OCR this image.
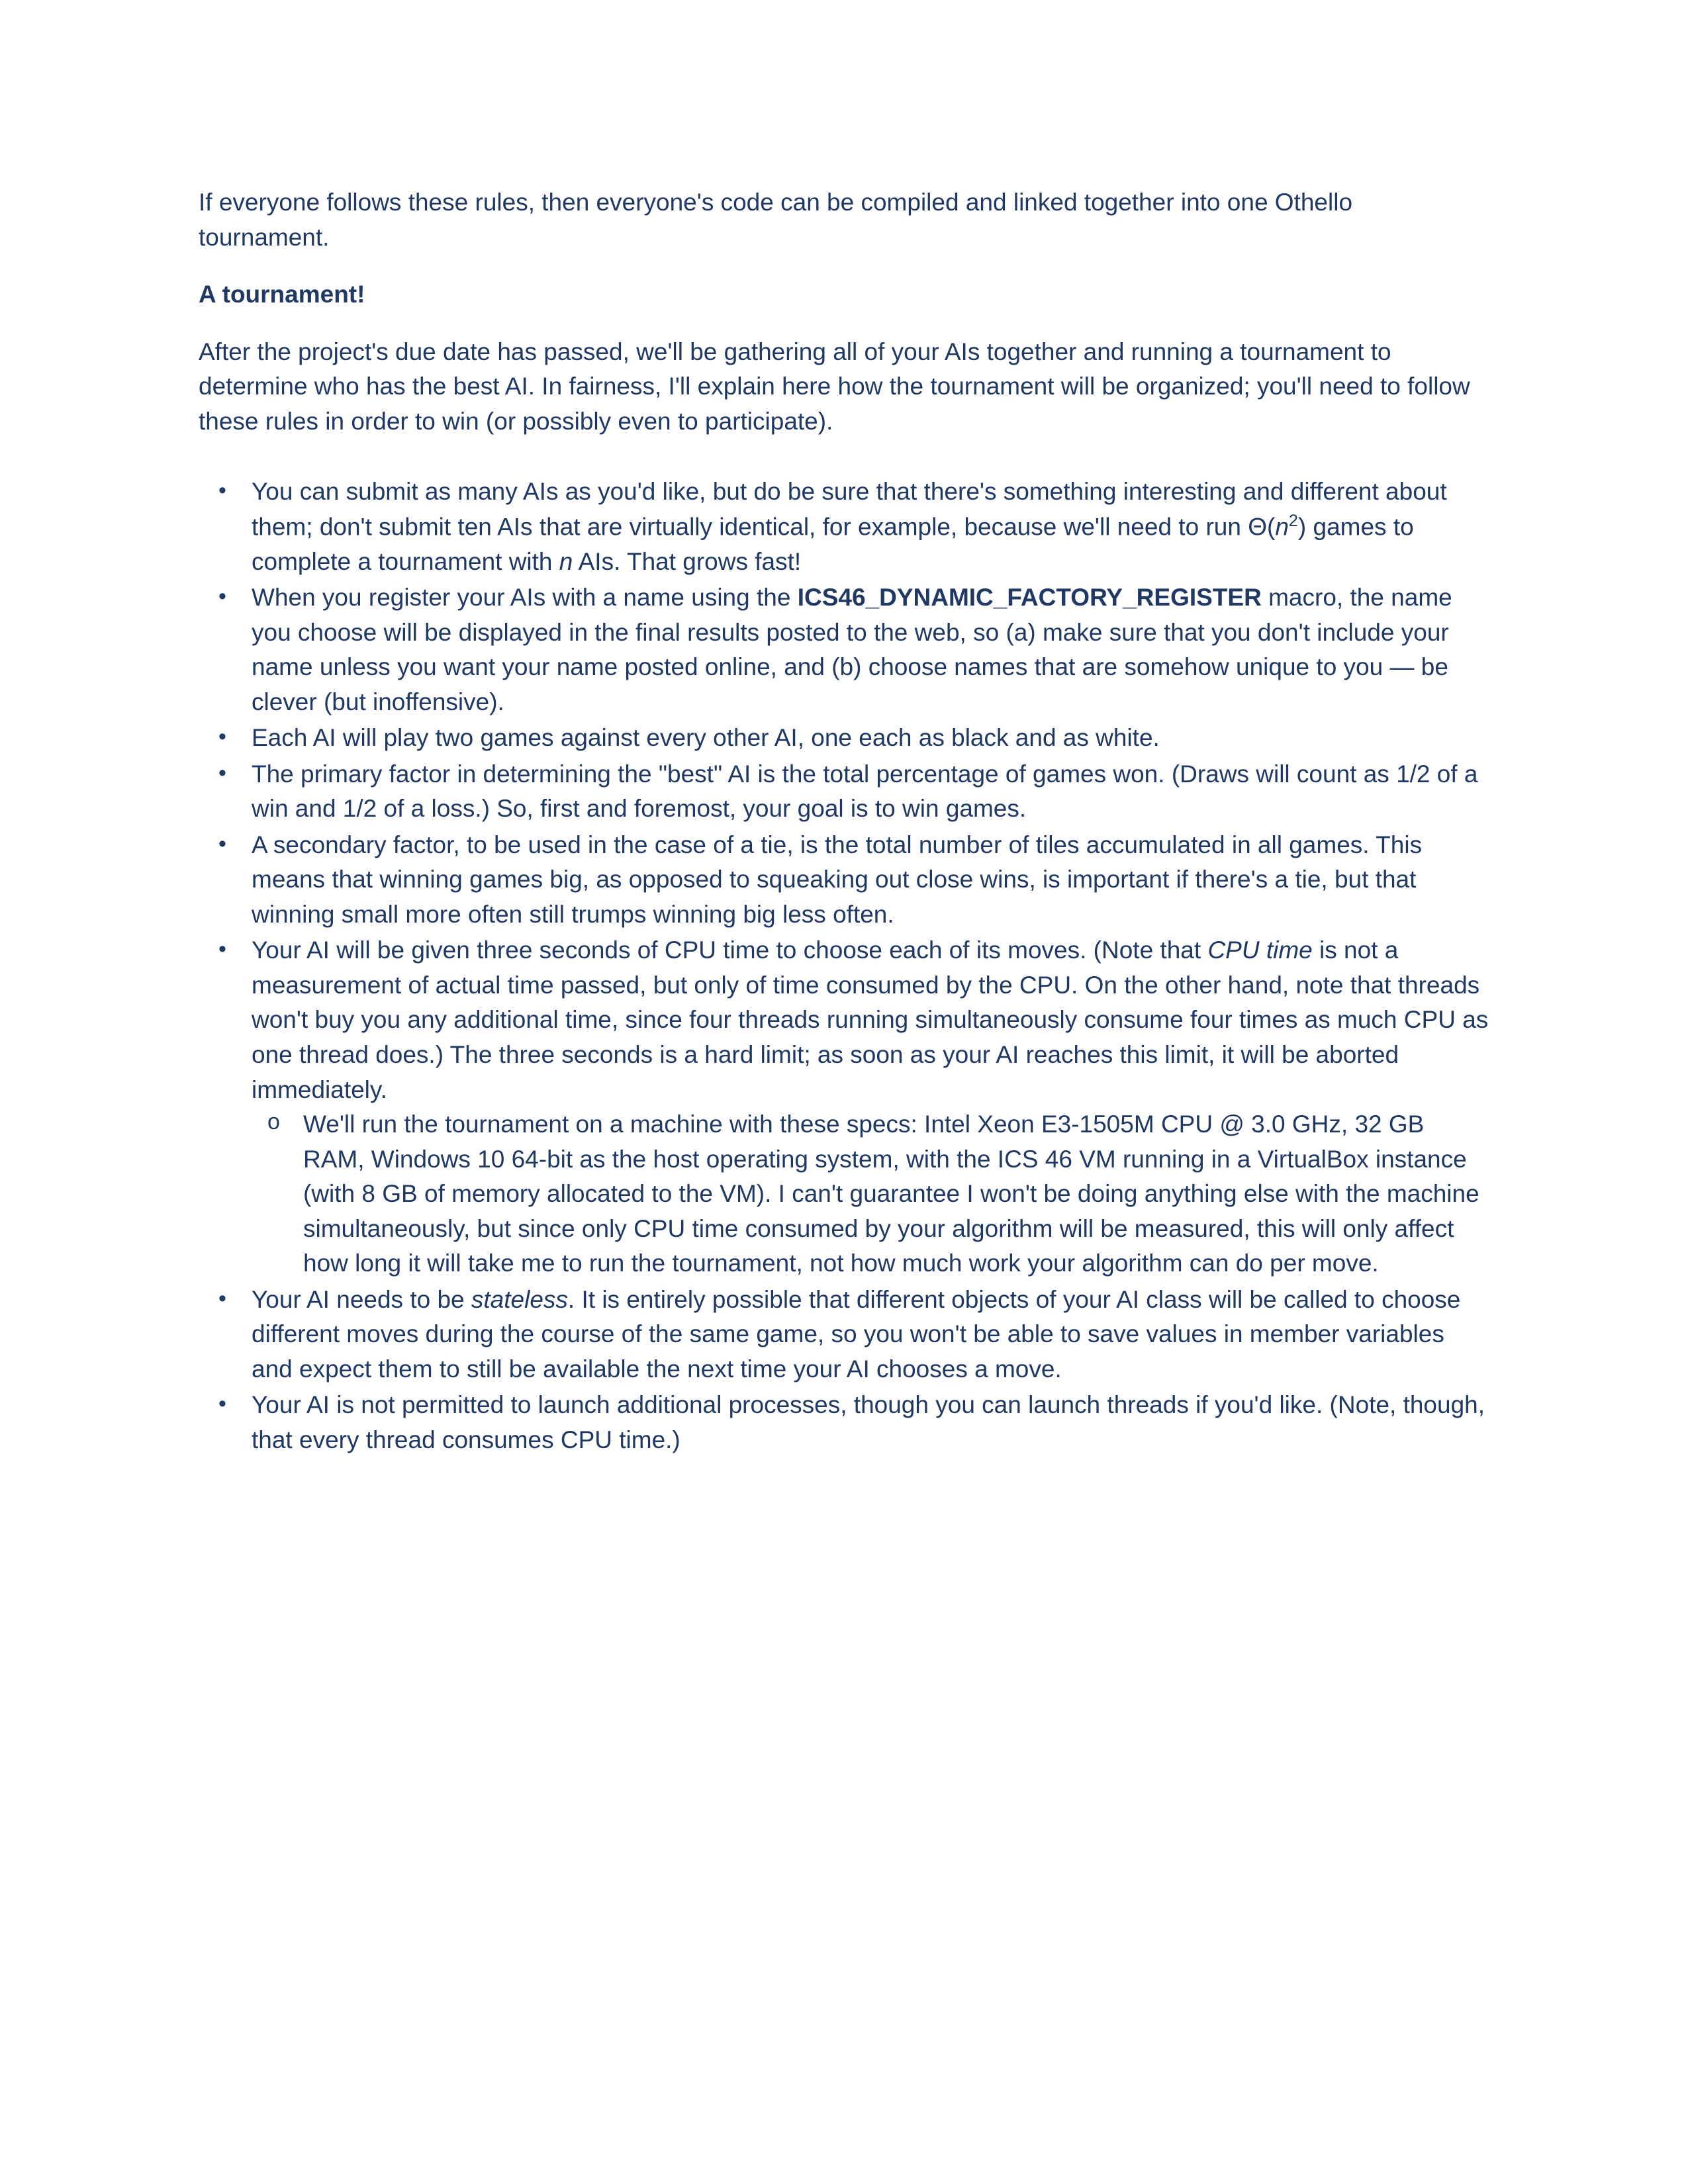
If everyone follows these rules, then everyone's code can be compiled and linked together into one Othello tournament.

A tournament!

After the project's due date has passed, we'll be gathering all of your AIs together and running a tournament to determine who has the best AI. In fairness, I'll explain here how the tournament will be organized; you'll need to follow these rules in order to win (or possibly even to participate).

• You can submit as many AIs as you'd like, but do be sure that there's something interesting and different about them; don't submit ten AIs that are virtually identical, for example, because we'll need to run $\Theta(n^2)$ games to complete a tournament with n AIs. That grows fast!
• When you register your AIs with a name using the ICS46_DYNAMIC_FACTORY_REGISTER macro, the name you choose will be displayed in the final results posted to the web, so (a) make sure that you don't include your name unless you want your name posted online, and (b) choose names that are somehow unique to you — be clever (but inoffensive).
• Each AI will play two games against every other AI, one each as black and as white.
• The primary factor in determining the "best" AI is the total percentage of games won. (Draws will count as 1/2 of a win and 1/2 of a loss.) So, first and foremost, your goal is to win games.
• A secondary factor, to be used in the case of a tie, is the total number of tiles accumulated in all games. This means that winning games big, as opposed to squeaking out close wins, is important if there's a tie, but that winning small more often still trumps winning big less often.
• Your AI will be given three seconds of CPU time to choose each of its moves. (Note that CPU time is not a measurement of actual time passed, but only of time consumed by the CPU. On the other hand, note that threads won't buy you any additional time, since four threads running simultaneously consume four times as much CPU as one thread does.) The three seconds is a hard limit; as soon as your AI reaches this limit, it will be aborted immediately.
o We'll run the tournament on a machine with these specs: Intel Xeon E3-1505M CPU @ 3.0 GHz, 32 GB RAM, Windows 10 64-bit as the host operating system, with the ICS 46 VM running in a VirtualBox instance (with 8 GB of memory allocated to the VM). I can't guarantee I won't be doing anything else with the machine simultaneously, but since only CPU time consumed by your algorithm will be measured, this will only affect how long it will take me to run the tournament, not how much work your algorithm can do per move.
• Your AI needs to be stateless. It is entirely possible that different objects of your AI class will be called to choose different moves during the course of the same game, so you won't be able to save values in member variables and expect them to still be available the next time your AI chooses a move.
• Your AI is not permitted to launch additional processes, though you can launch threads if you'd like. (Note, though, that every thread consumes CPU time.)
